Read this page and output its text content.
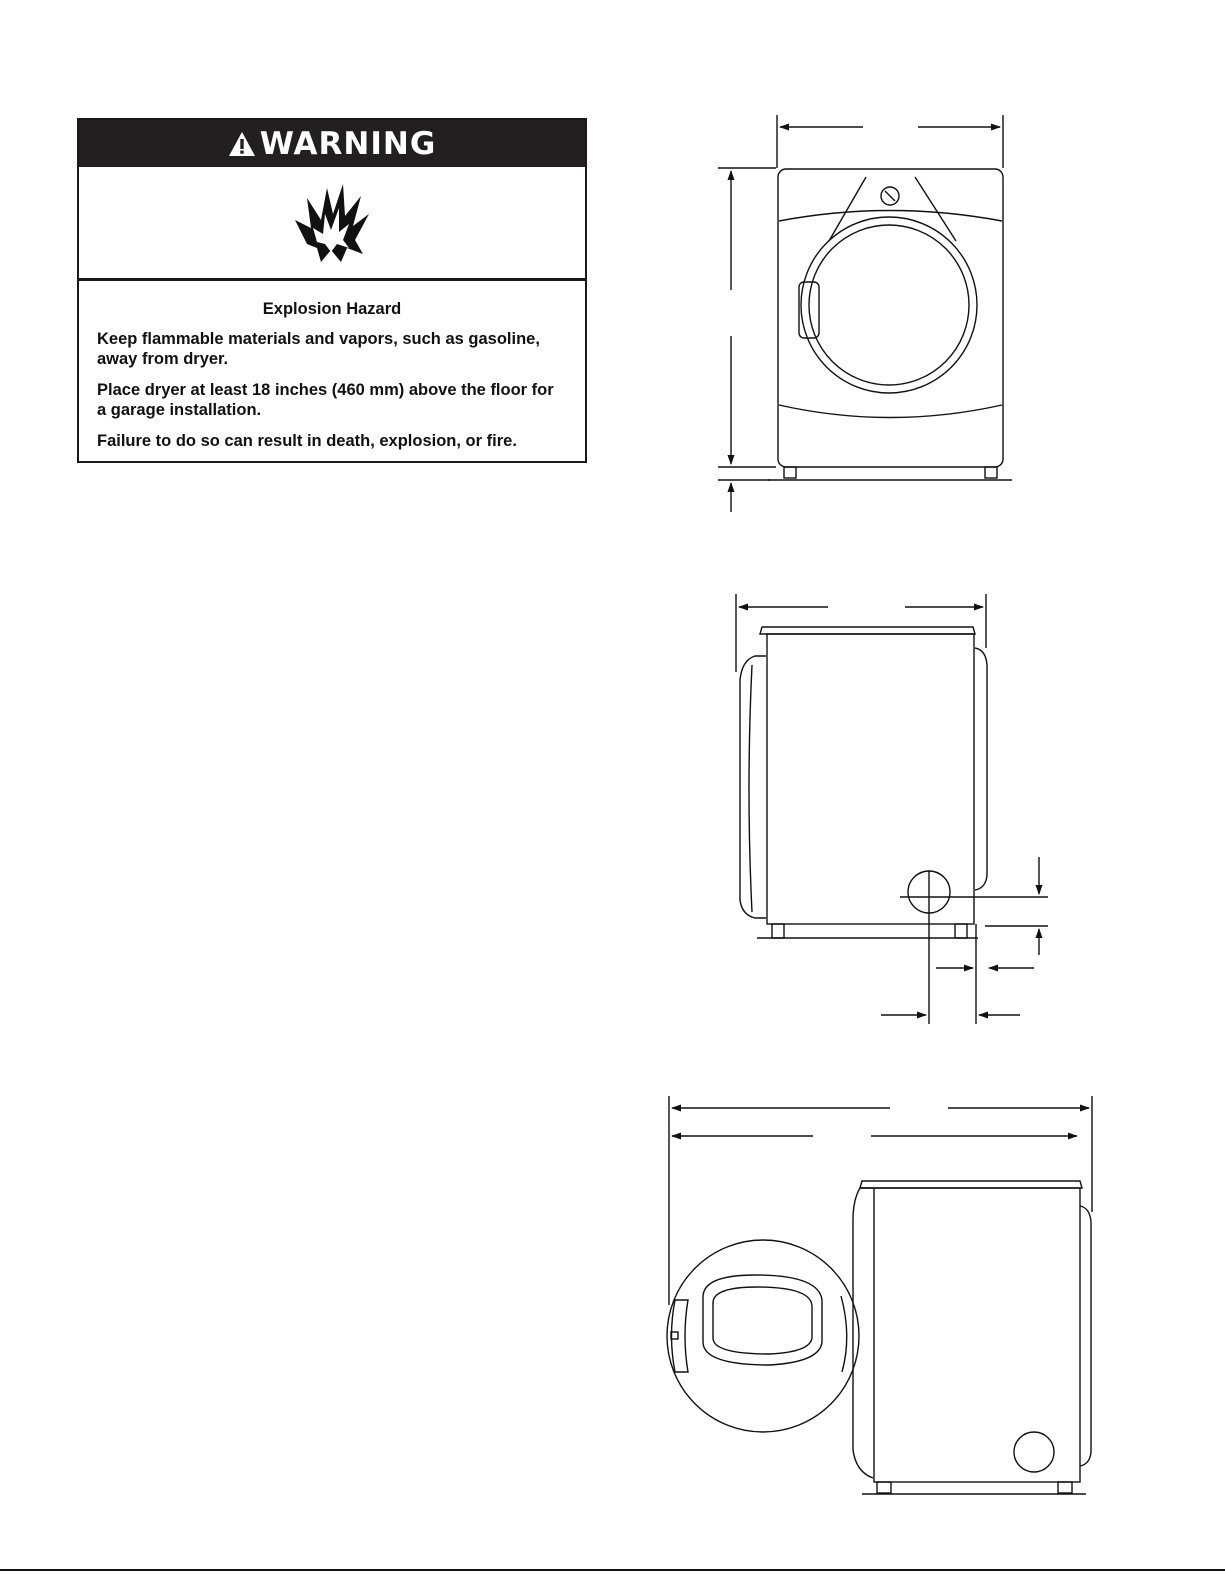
WARNING
Explosion Hazard

Keep flammable materials and vapors, such as gasoline, away from dryer.

Place dryer at least 18 inches (460 mm) above the floor for a garage installation.

Failure to do so can result in death, explosion, or fire.
